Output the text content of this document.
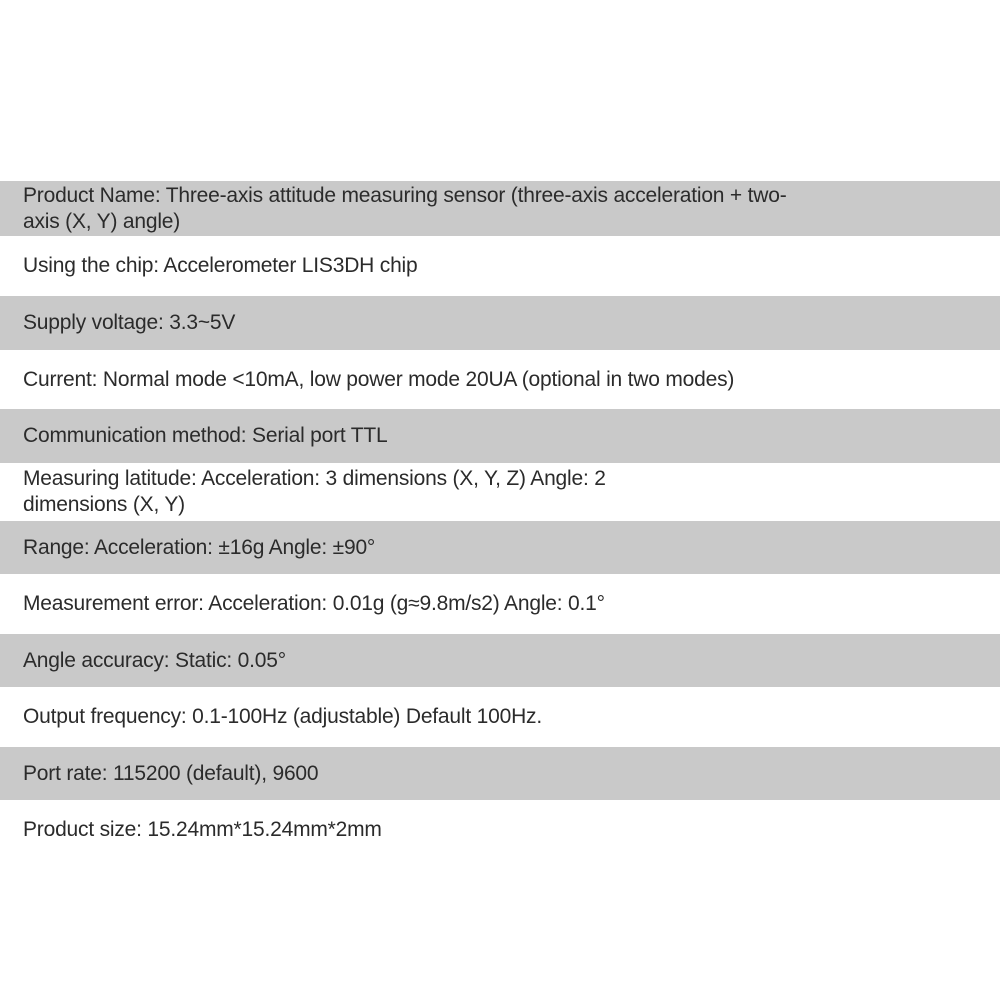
Product Name: Three-axis attitude measuring sensor (three-axis acceleration + two-axis (X, Y) angle)
Using the chip: Accelerometer LIS3DH chip
Supply voltage: 3.3~5V
Current: Normal mode <10mA, low power mode 20UA (optional in two modes)
Communication method: Serial port TTL
Measuring latitude: Acceleration: 3 dimensions (X, Y, Z) Angle: 2 dimensions (X, Y)
Range: Acceleration: ±16g Angle: ±90°
Measurement error: Acceleration: 0.01g (g≈9.8m/s2) Angle: 0.1°
Angle accuracy: Static: 0.05°
Output frequency: 0.1-100Hz (adjustable) Default 100Hz.
Port rate: 115200 (default), 9600
Product size: 15.24mm*15.24mm*2mm
